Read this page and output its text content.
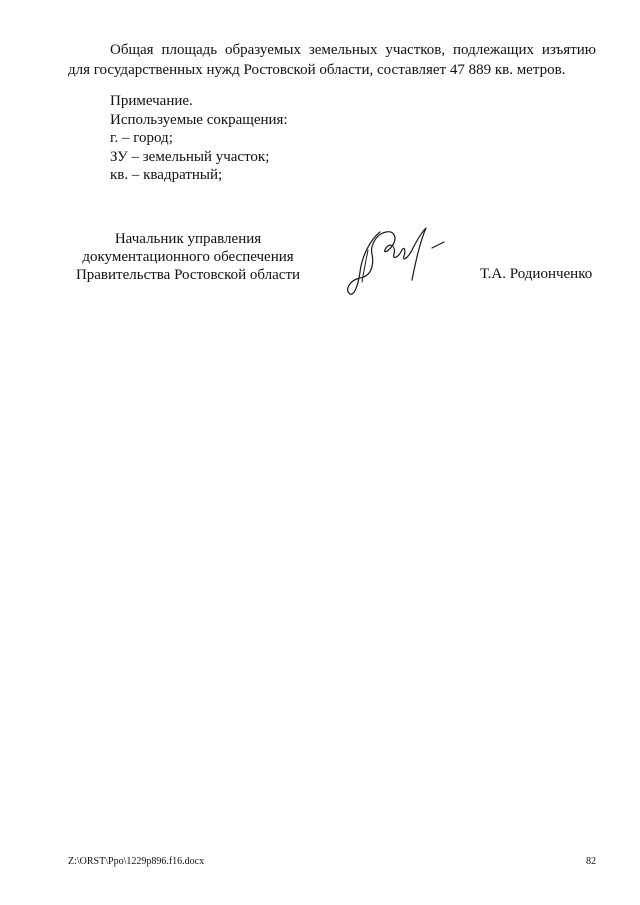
Общая площадь образуемых земельных участков, подлежащих изъятию для государственных нужд Ростовской области, составляет 47 889 кв. метров.
Примечание.
Используемые сокращения:
г. – город;
ЗУ – земельный участок;
кв. – квадратный;
Начальник управления
документационного обеспечения
Правительства Ростовской области	Т.А. Родионченко
Z:\ORST\Ppo\1229p896.f16.docx	82
